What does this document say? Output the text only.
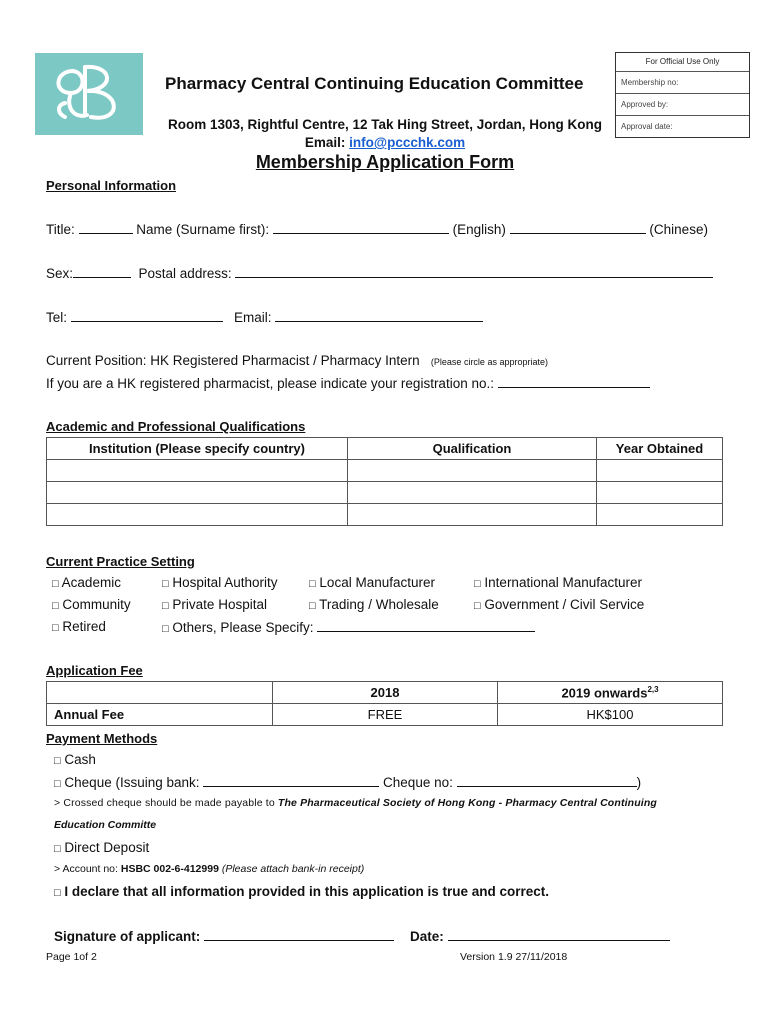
Pharmacy Central Continuing Education Committee
Room 1303, Rightful Centre, 12 Tak Hing Street, Jordan, Hong Kong
Email: info@pccchk.com
For Official Use Only
Membership no:
Approved by:
Approval date:
Membership Application Form
Personal Information
Title:	Name (Surname first):	(English)	(Chinese)
Sex:	Postal address:
Tel:	Email:
Current Position: HK Registered Pharmacist / Pharmacy Intern (Please circle as appropriate)
If you are a HK registered pharmacist, please indicate your registration no.:
Academic and Professional Qualifications
Institution (Please specify country)	Qualification	Year Obtained

Current Practice Setting
□ Academic	□ Hospital Authority	□ Local Manufacturer	□ International Manufacturer
□ Community	□ Private Hospital	□ Trading / Wholesale	□ Government / Civil Service
□ Retired	□ Others, Please Specify:
Application Fee
	2018	2019 onwards$^{2,3}$
Annual Fee	FREE	HK$100
Payment Methods
□ Cash
□ Cheque (Issuing bank:	Cheque no:	)
> Crossed cheque should be made payable to The Pharmaceutical Society of Hong Kong - Pharmacy Central Continuing
Education Committe
□ Direct Deposit
> Account no: HSBC 002-6-412999 (Please attach bank-in receipt)
□ I declare that all information provided in this application is true and correct.
Signature of applicant:	Date:
Page 1of 2	Version 1.9 27/11/2018
